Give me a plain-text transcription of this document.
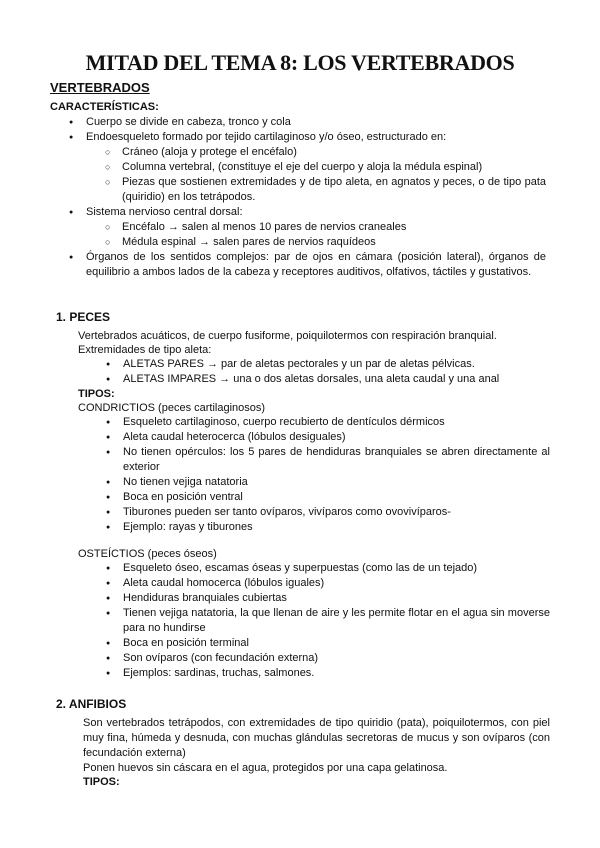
MITAD DEL TEMA 8: LOS VERTEBRADOS
VERTEBRADOS
CARACTERÍSTICAS:
● Cuerpo se divide en cabeza, tronco y cola
● Endoesqueleto formado por tejido cartilaginoso y/o óseo, estructurado en:
○ Cráneo (aloja y protege el encéfalo)
○ Columna vertebral, (constituye el eje del cuerpo y aloja la médula espinal)
○ Piezas que sostienen extremidades y de tipo aleta, en agnatos y peces, o de tipo pata (quiridio) en los tetrápodos.
● Sistema nervioso central dorsal:
○ Encéfalo → salen al menos 10 pares de nervios craneales
○ Médula espinal → salen pares de nervios raquídeos
● Órganos de los sentidos complejos: par de ojos en cámara (posición lateral), órganos de equilibrio a ambos lados de la cabeza y receptores auditivos, olfativos, táctiles y gustativos.
1. PECES
Vertebrados acuáticos, de cuerpo fusiforme, poiquilotermos con respiración branquial.
Extremidades de tipo aleta:
● ALETAS PARES → par de aletas pectorales y un par de aletas pélvicas.
● ALETAS IMPARES → una o dos aletas dorsales, una aleta caudal y una anal
TIPOS:
CONDRICTIOS (peces cartilaginosos)
● Esqueleto cartilaginoso, cuerpo recubierto de dentículos dérmicos
● Aleta caudal heterocerca (lóbulos desiguales)
● No tienen opérculos: los 5 pares de hendiduras branquiales se abren directamente al exterior
● No tienen vejiga natatoria
● Boca en posición ventral
● Tiburones pueden ser tanto ovíparos, vivíparos como ovovivíparos-
● Ejemplo: rayas y tiburones
OSTEÍCTIOS (peces óseos)
● Esqueleto óseo, escamas óseas y superpuestas (como las de un tejado)
● Aleta caudal homocerca (lóbulos iguales)
● Hendiduras branquiales cubiertas
● Tienen vejiga natatoria, la que llenan de aire y les permite flotar en el agua sin moverse para no hundirse
● Boca en posición terminal
● Son ovíparos (con fecundación externa)
● Ejemplos: sardinas, truchas, salmones.
2. ANFIBIOS
Son vertebrados tetrápodos, con extremidades de tipo quiridio (pata), poiquilotermos, con piel muy fina, húmeda y desnuda, con muchas glándulas secretoras de mucus y son ovíparos (con fecundación externa)
Ponen huevos sin cáscara en el agua, protegidos por una capa gelatinosa.
TIPOS:
